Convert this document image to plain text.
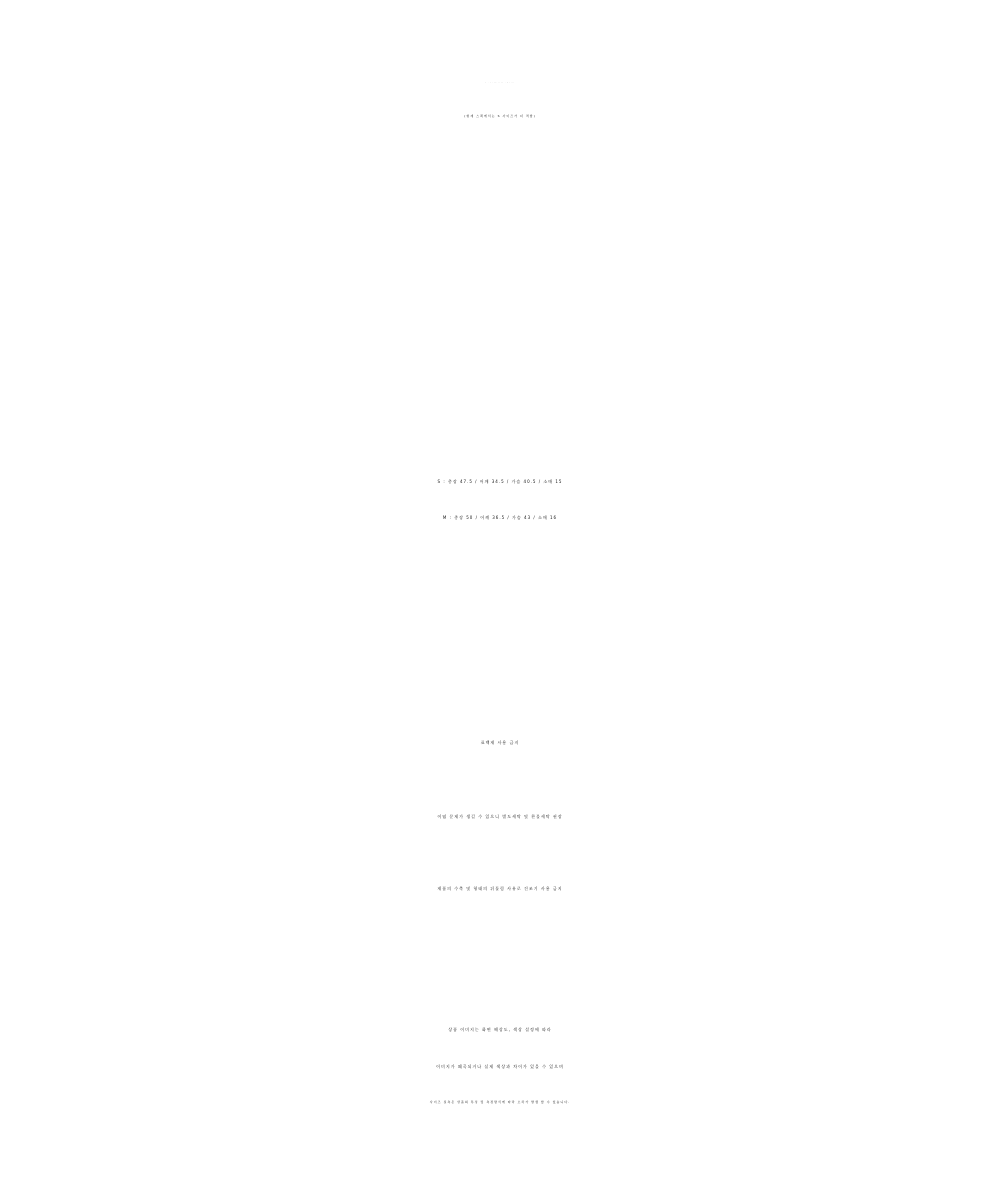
(현재 스펙에서는 S 사이즈가 더 적합)
S : 총장 47.5 / 어깨 34.5 / 가슴 40.5 / 소매 15
M : 총장 50 / 어깨 36.5 / 가슴 43 / 소매 16
표백제 사용 금지
이염 문제가 생길 수 있으니 별도세탁 및 찬물세탁 권장
제품의 수축 및 형태의 뒤틀림 사유로 건조기 사용 금지
상품 이미지는 화면 해상도, 색상 설정에 따라
이미지가 왜곡되거나 실제 색상과 차이가 있을 수 있으며
사이즈 실측은 상품의 특성 및 측정방식에 따라 오차가 발생 할 수 있습니다.
